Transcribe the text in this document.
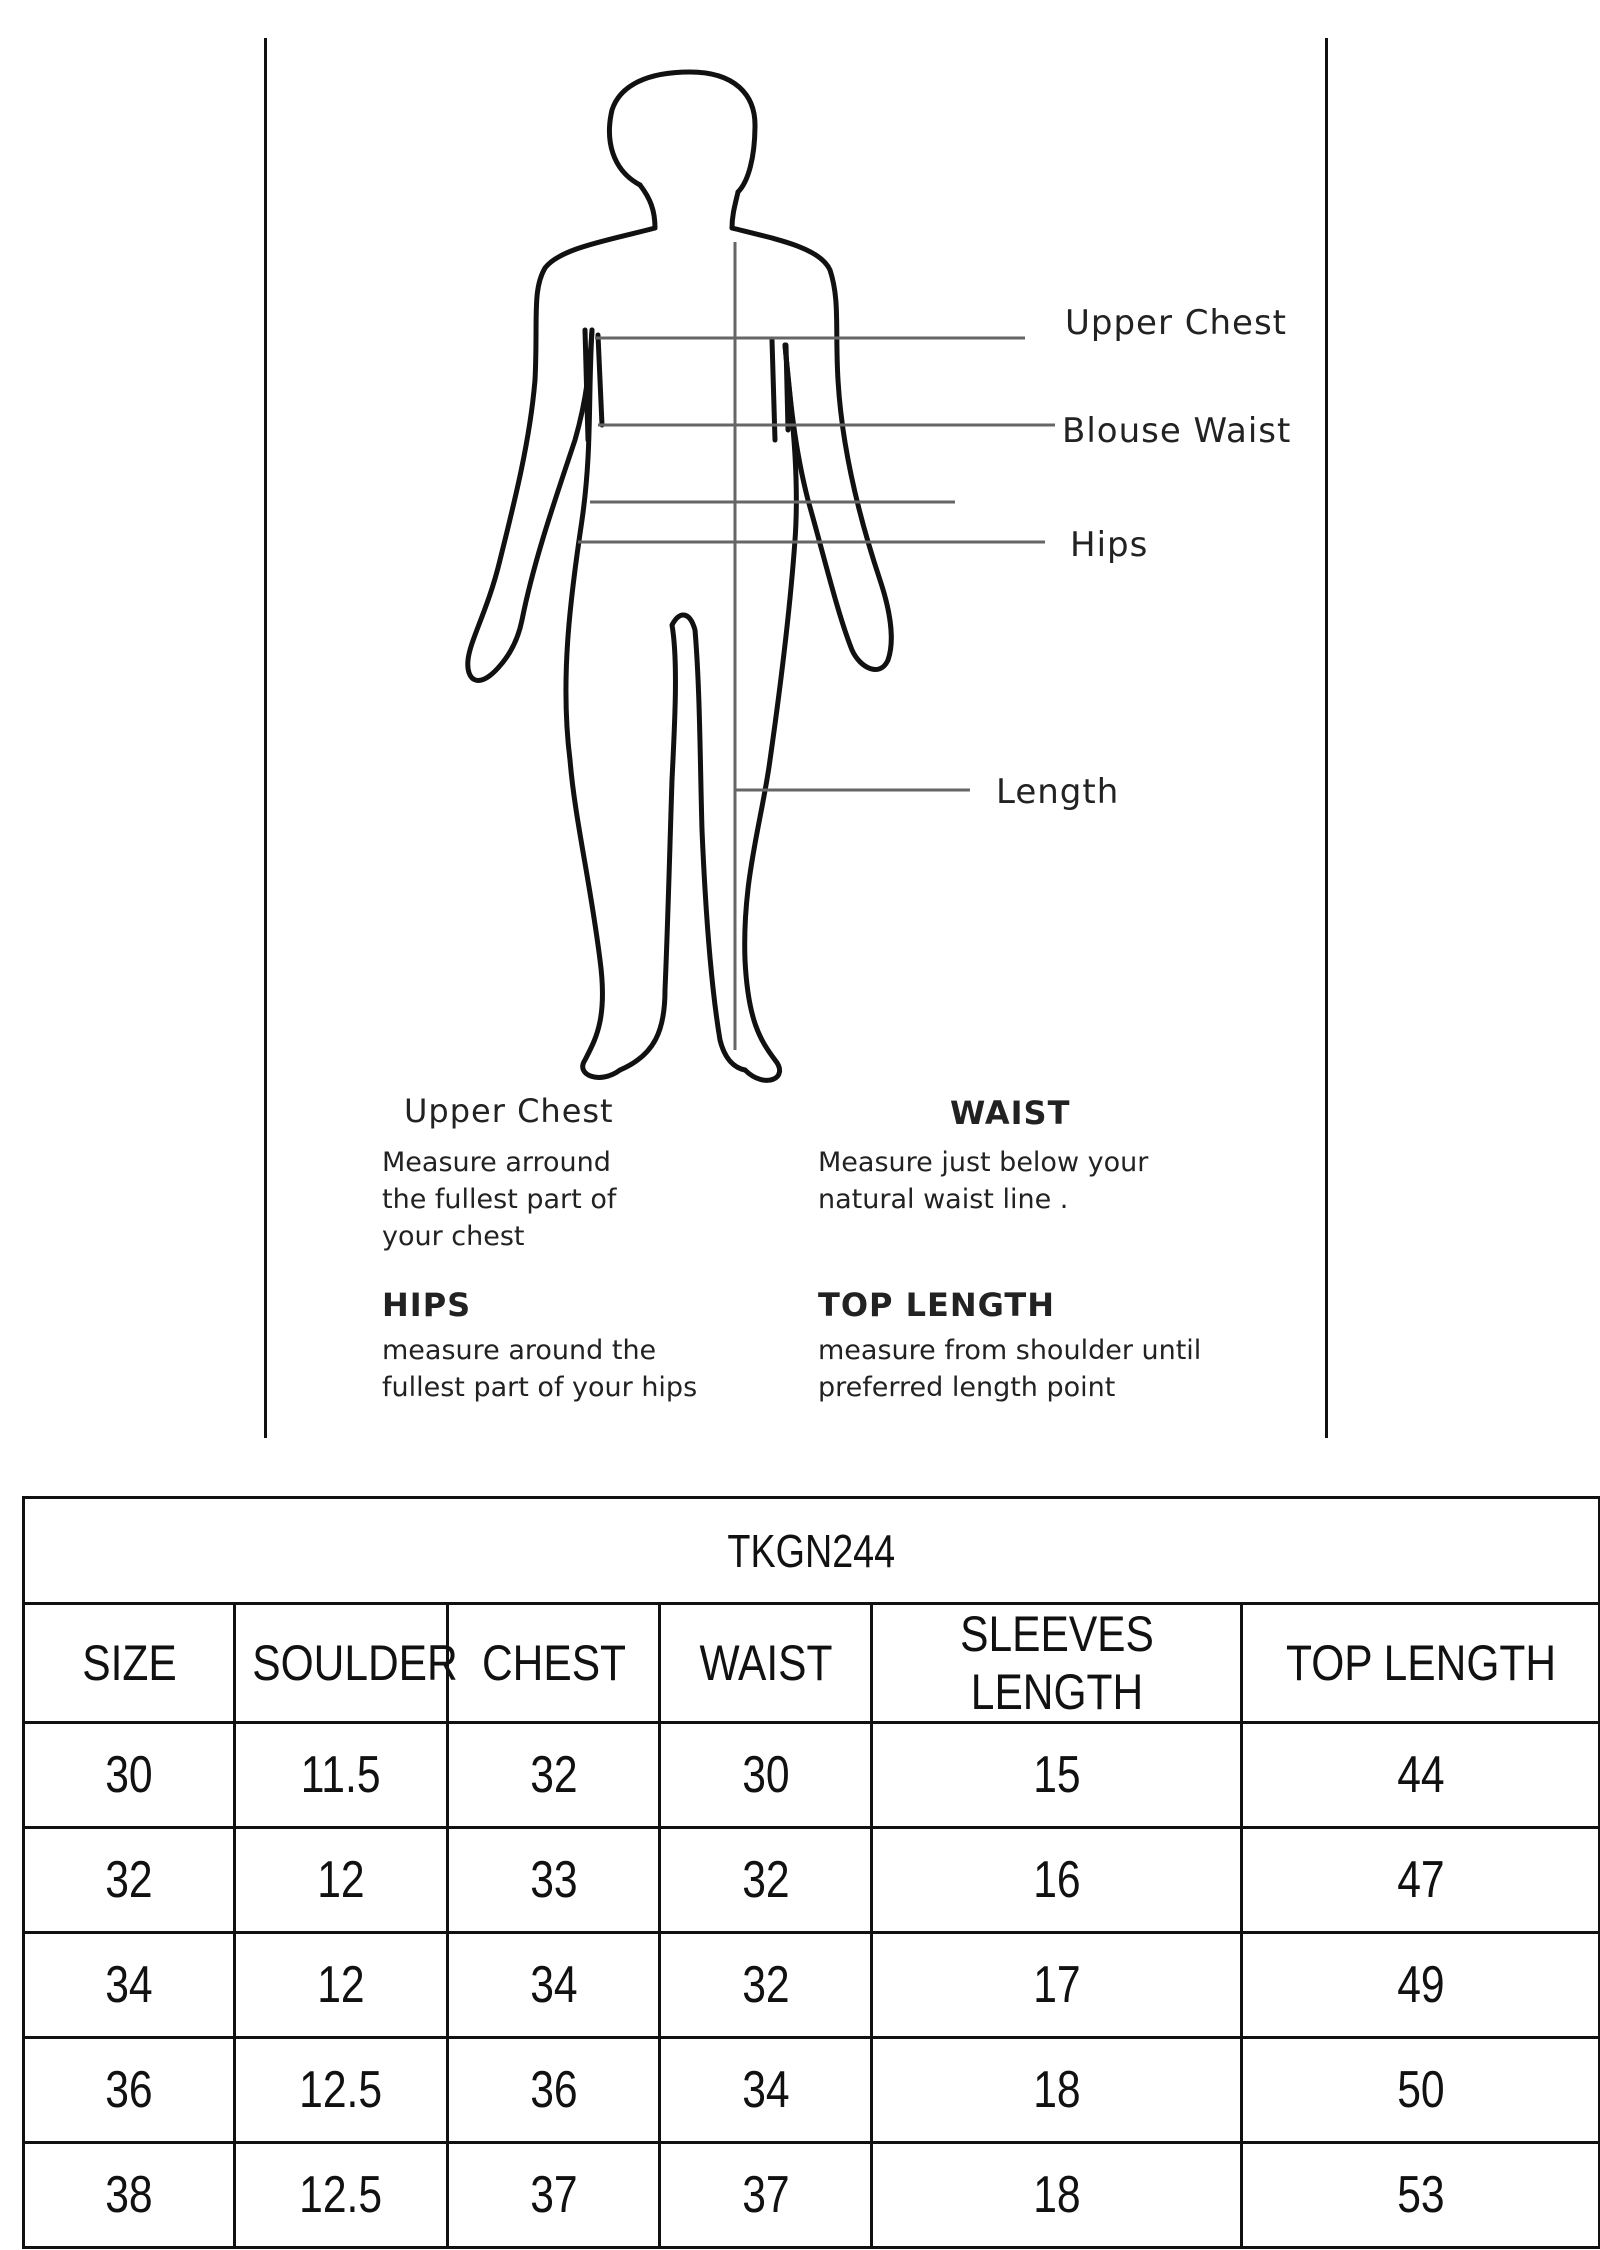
Upper Chest
Blouse Waist
Hips
Length
Upper Chest
Measure arround
the fullest part of
your chest
WAIST
Measure just below your
natural waist line .
HIPS
measure around the
fullest part of your hips
TOP LENGTH
measure from shoulder until
preferred length point
TKGN244					
SIZE	SOULDER	CHEST	WAIST	SLEEVES LENGTH	TOP LENGTH
30	11.5	32	30	15	44
32	12	33	32	16	47
34	12	34	32	17	49
36	12.5	36	34	18	50
38	12.5	37	37	18	53
